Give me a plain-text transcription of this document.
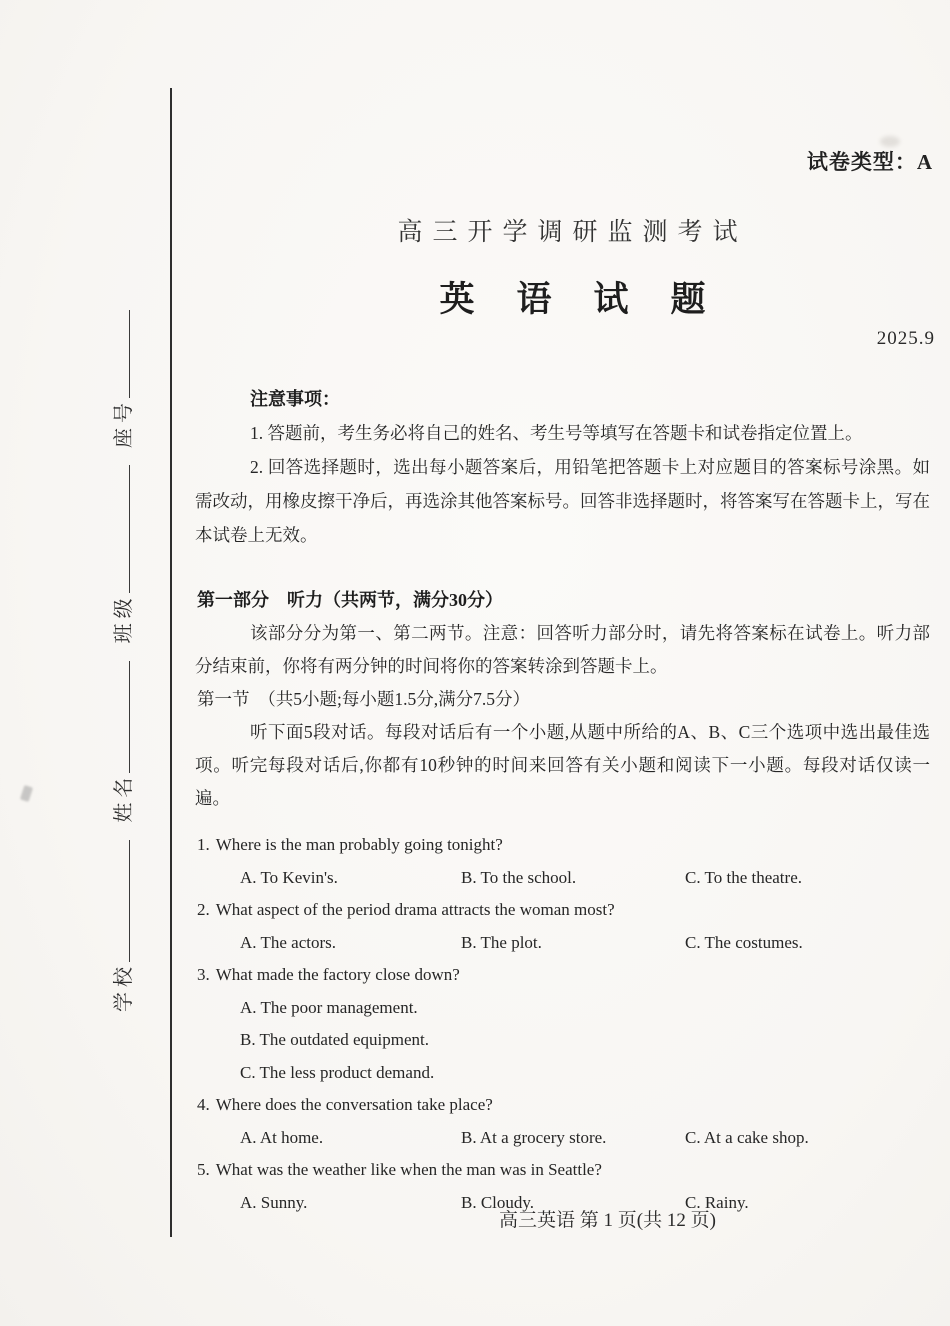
学校
姓名
班级
座号
试卷类型：A
高三开学调研监测考试
英语试题
2025.9
注意事项：

1. 答题前，考生务必将自己的姓名、考生号等填写在答题卡和试卷指定位置上。

2. 回答选择题时，选出每小题答案后，用铅笔把答题卡上对应题目的答案标号涂黑。如需改动，用橡皮擦干净后，再选涂其他答案标号。回答非选择题时，将答案写在答题卡上，写在本试卷上无效。

第一部分　听力（共两节，满分30分）

该部分分为第一、第二两节。注意：回答听力部分时，请先将答案标在试卷上。听力部分结束前，你将有两分钟的时间将你的答案转涂到答题卡上。

第一节　（共5小题;每小题1.5分,满分7.5分）

听下面5段对话。每段对话后有一个小题,从题中所给的A、B、C三个选项中选出最佳选项。听完每段对话后,你都有10秒钟的时间来回答有关小题和阅读下一小题。每段对话仅读一遍。

1. Where is the man probably going tonight?
A. To Kevin's.	B. To the school.	C. To the theatre.
2. What aspect of the period drama attracts the woman most?
A. The actors.	B. The plot.	C. The costumes.
3. What made the factory close down?
A. The poor management.
B. The outdated equipment.
C. The less product demand.
4. Where does the conversation take place?
A. At home.	B. At a grocery store.	C. At a cake shop.
5. What was the weather like when the man was in Seattle?
A. Sunny.	B. Cloudy.	C. Rainy.
高三英语 第 1 页(共 12 页)
